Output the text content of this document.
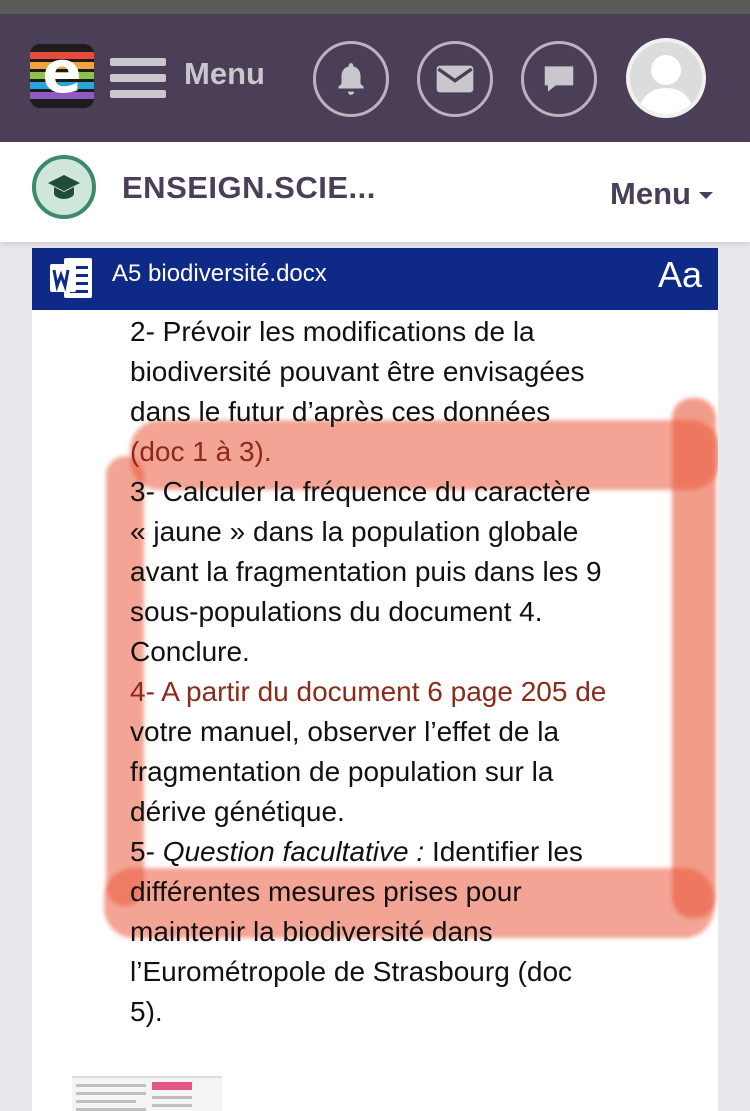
e	Menu
ENSEIGN.SCIE...	Menu
A5 biodiversité.docx	Aa

2- Prévoir les modifications de la

biodiversité pouvant être envisagées

dans le futur d’après ces données

(doc 1 à 3).

3- Calculer la fréquence du caractère

« jaune » dans la population globale

avant la fragmentation puis dans les 9

sous-populations du document 4.

Conclure.

4- A partir du document 6 page 205 de

votre manuel, observer l’effet de la

fragmentation de population sur la

dérive génétique.

5- Question facultative : Identifier les

différentes mesures prises pour

maintenir la biodiversité dans

l’Eurométropole de Strasbourg (doc

5).
